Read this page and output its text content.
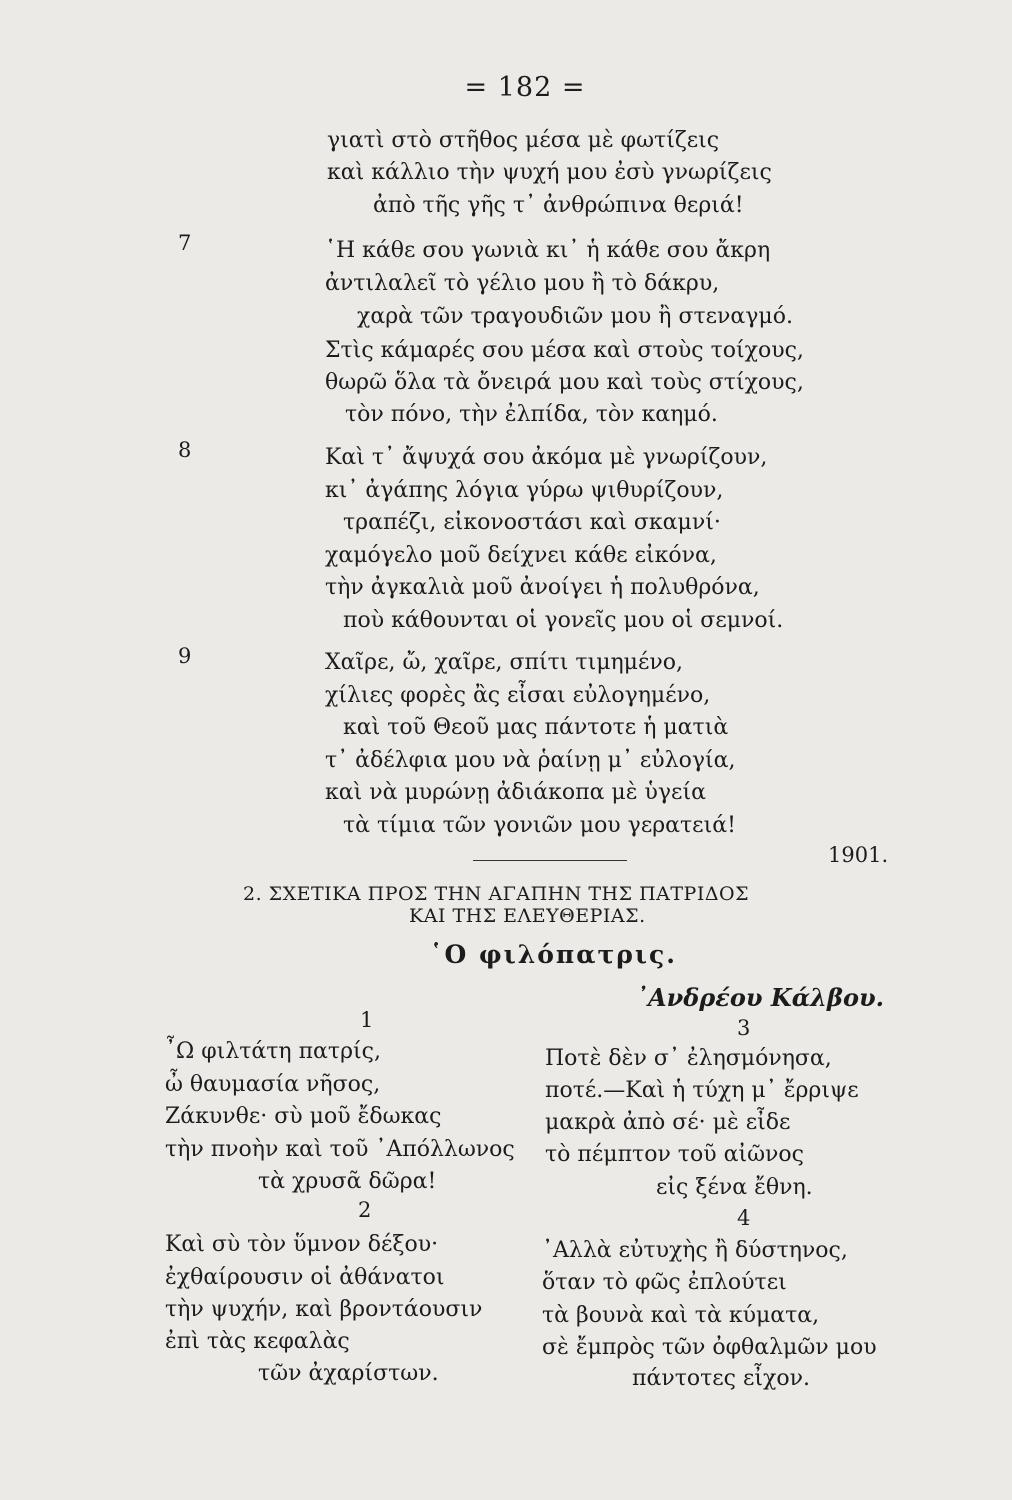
= 182 =
γιατὶ στὸ στῆθος μέσα μὲ φωτίζεις
καὶ κάλλιο τὴν ψυχή μου ἐσὺ γνωρίζεις
ἀπὸ τῆς γῆς τ᾿ ἀνθρώπινα θεριά!
7	῾Η κάθε σου γωνιὰ κι᾿ ἡ κάθε σου ἄκρη
ἀντιλαλεῖ τὸ γέλιο μου ἢ τὸ δάκρυ,
χαρὰ τῶν τραγουδιῶν μου ἢ στεναγμό.
Στὶς κάμαρές σου μέσα καὶ στοὺς τοίχους,
θωρῶ ὅλα τὰ ὄνειρά μου καὶ τοὺς στίχους,
τὸν πόνο, τὴν ἐλπίδα, τὸν καημό.
8	Καὶ τ᾿ ἄψυχά σου ἀκόμα μὲ γνωρίζουν,
κι᾿ ἀγάπης λόγια γύρω ψιθυρίζουν,
τραπέζι, εἰκονοστάσι καὶ σκαμνί·
χαμόγελο μοῦ δείχνει κάθε εἰκόνα,
τὴν ἀγκαλιὰ μοῦ ἀνοίγει ἡ πολυθρόνα,
ποὺ κάθουνται οἱ γονεῖς μου οἱ σεμνοί.
9	Χαῖρε, ὤ, χαῖρε, σπίτι τιμημένο,
χίλιες φορὲς ἂς εἶσαι εὐλογημένο,
καὶ τοῦ Θεοῦ μας πάντοτε ἡ ματιὰ
τ᾿ ἀδέλφια μου νὰ ῥαίνῃ μ᾿ εὐλογία,
καὶ νὰ μυρώνῃ ἀδιάκοπα μὲ ὑγεία
τὰ τίμια τῶν γονιῶν μου γερατειά!
1901.
2. ΣΧΕΤΙΚΑ ΠΡΟΣ ΤΗΝ ΑΓΑΠΗΝ ΤΗΣ ΠΑΤΡΙΔΟΣ
ΚΑΙ ΤΗΣ ΕΛΕΥΘΕΡΙΑΣ.
῾Ο φιλόπατρις.
᾿Ανδρέου Κάλβου.
1
῏Ω φιλτάτη πατρίς,
ὦ θαυμασία νῆσος,
Ζάκυνθε· σὺ μοῦ ἔδωκας
τὴν πνοὴν καὶ τοῦ ᾿Απόλλωνος
τὰ χρυσᾶ δῶρα!
2
Καὶ σὺ τὸν ὕμνον δέξου·
ἐχθαίρουσιν οἱ ἀθάνατοι
τὴν ψυχήν, καὶ βροντάουσιν
ἐπὶ τὰς κεφαλὰς
τῶν ἀχαρίστων.
3
Ποτὲ δὲν σ᾿ ἐλησμόνησα,
ποτέ.—Καὶ ἡ τύχη μ᾿ ἔρριψε
μακρὰ ἀπὸ σέ· μὲ εἶδε
τὸ πέμπτον τοῦ αἰῶνος
εἰς ξένα ἔθνη.
4
᾿Αλλὰ εὐτυχὴς ἢ δύστηνος,
ὅταν τὸ φῶς ἐπλούτει
τὰ βουνὰ καὶ τὰ κύματα,
σὲ ἔμπρὸς τῶν ὀφθαλμῶν μου
πάντοτες εἶχον.
